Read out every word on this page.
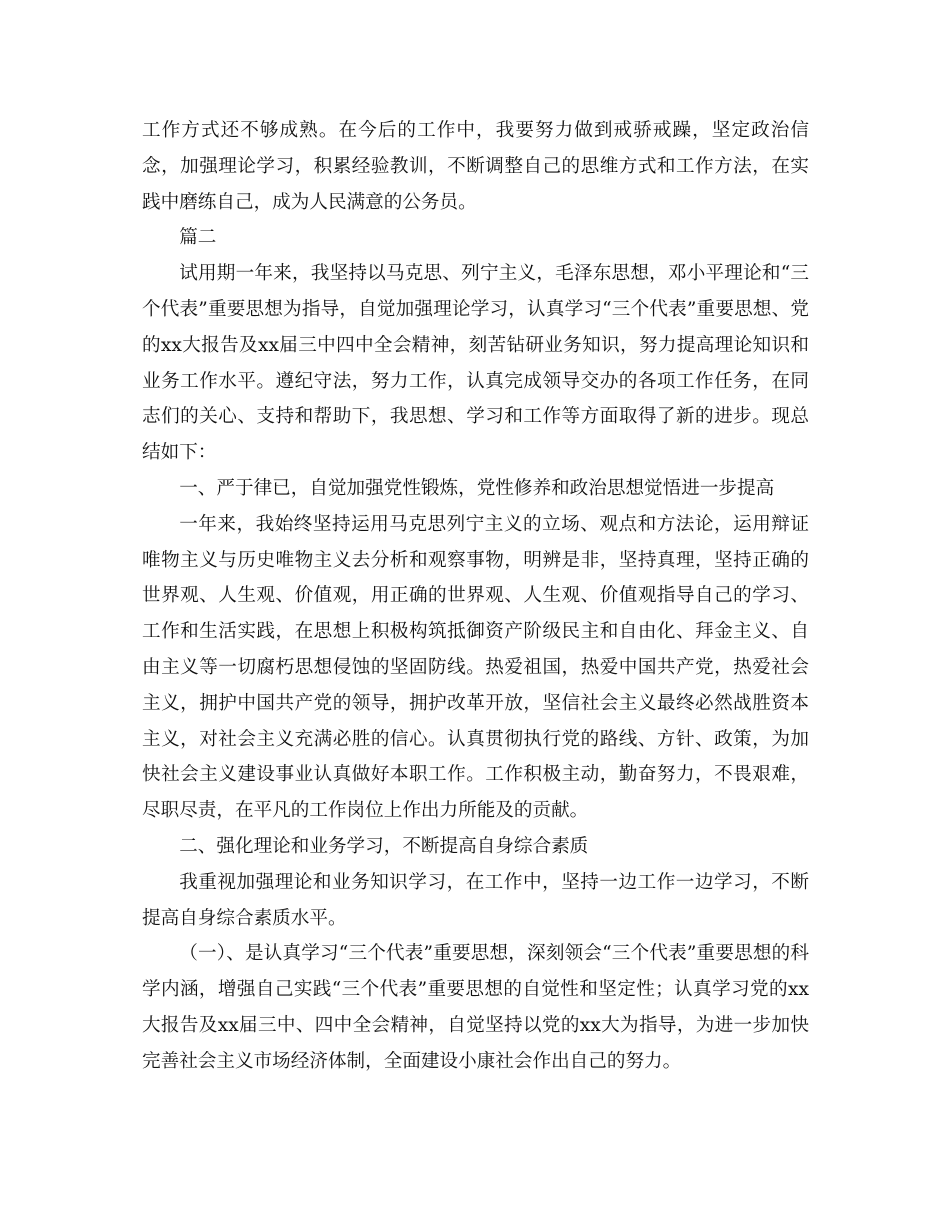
工作方式还不够成熟。在今后的工作中，我要努力做到戒骄戒躁，坚定政治信念，加强理论学习，积累经验教训，不断调整自己的思维方式和工作方法，在实践中磨练自己，成为人民满意的公务员。

篇二

试用期一年来，我坚持以马克思、列宁主义，毛泽东思想，邓小平理论和“三个代表”重要思想为指导，自觉加强理论学习，认真学习“三个代表”重要思想、党的xx大报告及xx届三中四中全会精神，刻苦钻研业务知识，努力提高理论知识和业务工作水平。遵纪守法，努力工作，认真完成领导交办的各项工作任务，在同志们的关心、支持和帮助下，我思想、学习和工作等方面取得了新的进步。现总结如下：

一、严于律已，自觉加强党性锻炼，党性修养和政治思想觉悟进一步提高

一年来，我始终坚持运用马克思列宁主义的立场、观点和方法论，运用辩证唯物主义与历史唯物主义去分析和观察事物，明辨是非，坚持真理，坚持正确的世界观、人生观、价值观，用正确的世界观、人生观、价值观指导自己的学习、工作和生活实践，在思想上积极构筑抵御资产阶级民主和自由化、拜金主义、自由主义等一切腐朽思想侵蚀的坚固防线。热爱祖国，热爱中国共产党，热爱社会主义，拥护中国共产党的领导，拥护改革开放，坚信社会主义最终必然战胜资本主义，对社会主义充满必胜的信心。认真贯彻执行党的路线、方针、政策，为加快社会主义建设事业认真做好本职工作。工作积极主动，勤奋努力，不畏艰难，尽职尽责，在平凡的工作岗位上作出力所能及的贡献。

二、强化理论和业务学习，不断提高自身综合素质

我重视加强理论和业务知识学习，在工作中，坚持一边工作一边学习，不断提高自身综合素质水平。

（一）、是认真学习“三个代表”重要思想，深刻领会“三个代表”重要思想的科学内涵，增强自己实践“三个代表”重要思想的自觉性和坚定性；认真学习党的xx大报告及xx届三中、四中全会精神，自觉坚持以党的xx大为指导，为进一步加快完善社会主义市场经济体制，全面建设小康社会作出自己的努力。
